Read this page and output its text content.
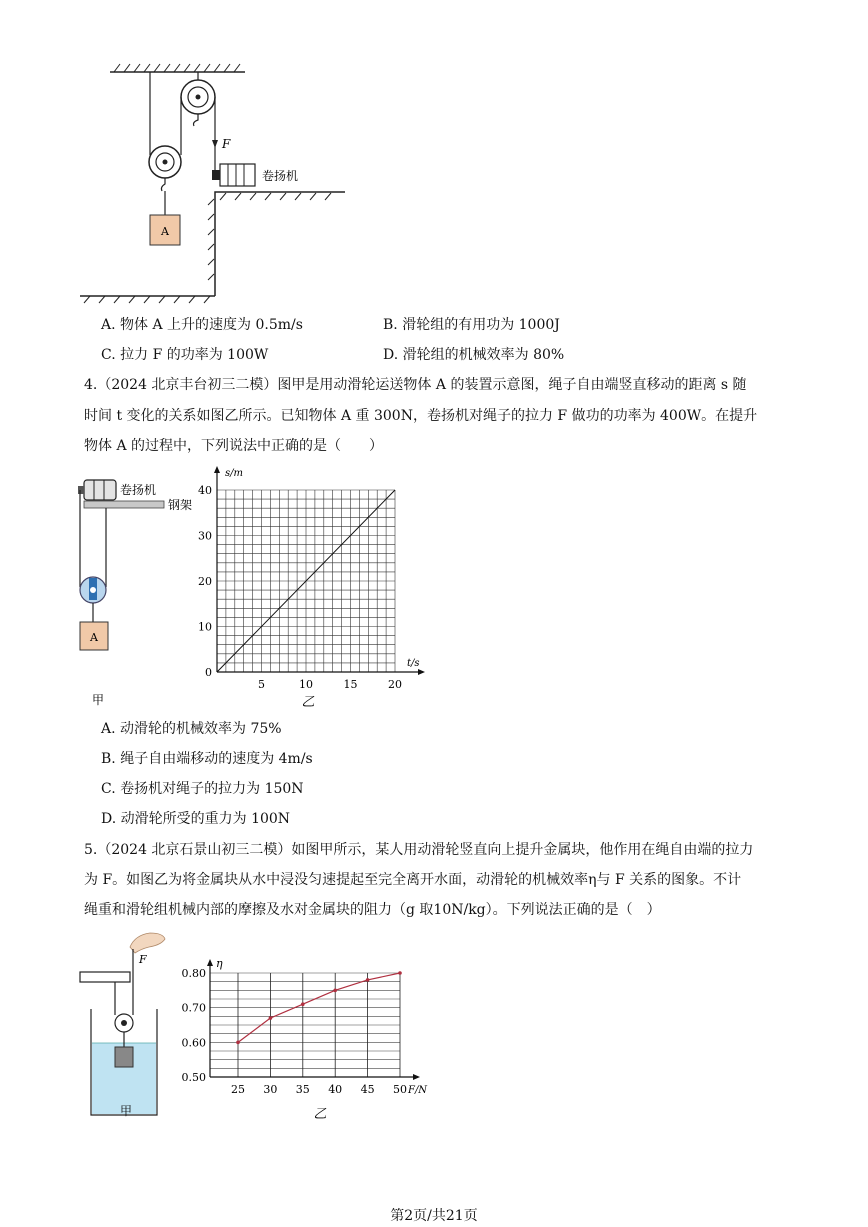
A
卷扬机
F
A. 物体 A 上升的速度为 0.5m/s	B. 滑轮组的有用功为 1000J
C. 拉力 F 的功率为 100W	D. 滑轮组的机械效率为 80%
4.（2024 北京丰台初三二模）图甲是用动滑轮运送物体 A 的装置示意图，绳子自由端竖直移动的距离 s 随
时间 t 变化的关系如图乙所示。已知物体 A 重 300N，卷扬机对绳子的拉力 F 做功的功率为 400W。在提升
物体 A 的过程中，下列说法中正确的是（　　）
卷扬机
钢架
A
甲
5	10	15	20
10
20
30
40
0
s/m
t/s
乙
A. 动滑轮的机械效率为 75%
B. 绳子自由端移动的速度为 4m/s
C. 卷扬机对绳子的拉力为 150N
D. 动滑轮所受的重力为 100N
5.（2024 北京石景山初三二模）如图甲所示，某人用动滑轮竖直向上提升金属块，他作用在绳自由端的拉力
为 F。如图乙为将金属块从水中浸没匀速提起至完全离开水面，动滑轮的机械效率η与 F 关系的图象。不计
绳重和滑轮组机械内部的摩擦及水对金属块的阻力（g 取10N/kg）。下列说法正确的是（　）
F
甲
25 30 35 40 45 50
0.50
0.60
0.70
0.80
η
F/N
乙
第2页/共21页
